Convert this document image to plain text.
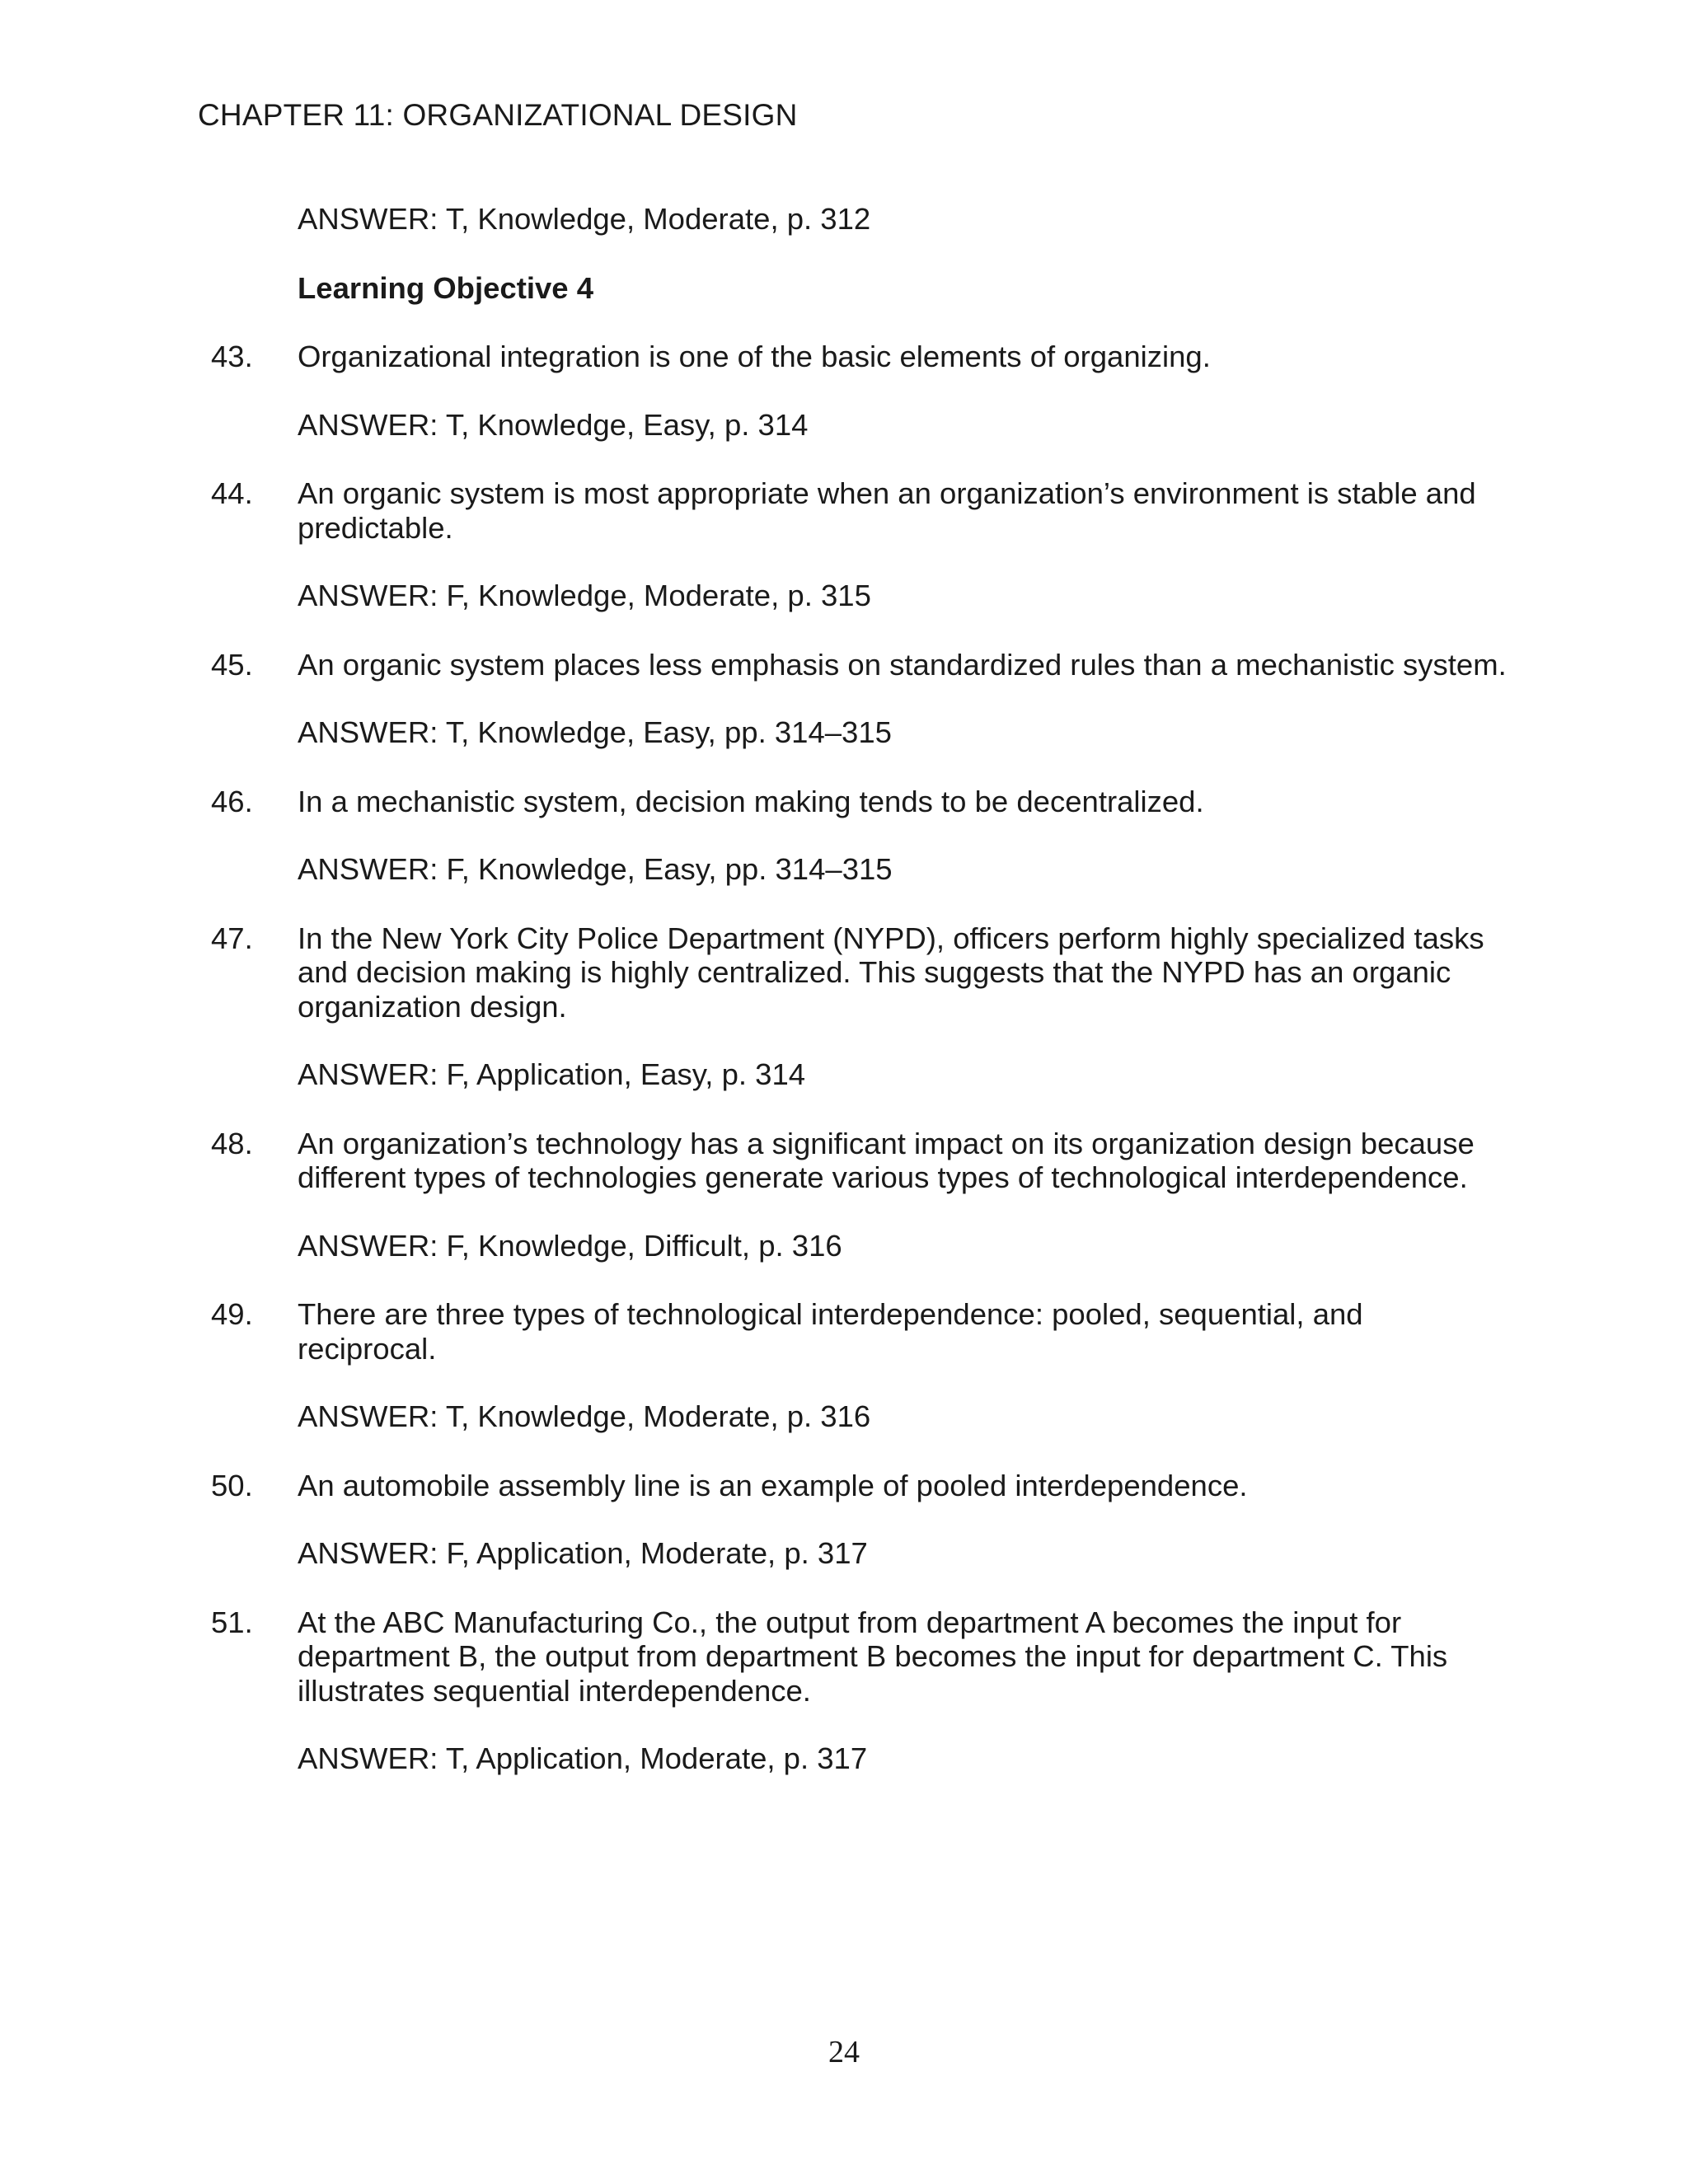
CHAPTER 11: ORGANIZATIONAL DESIGN

ANSWER: T, Knowledge, Moderate, p. 312

Learning Objective 4

43. Organizational integration is one of the basic elements of organizing.

ANSWER: T, Knowledge, Easy, p. 314

44. An organic system is most appropriate when an organization’s environment is stable and predictable.

ANSWER: F, Knowledge, Moderate, p. 315

45. An organic system places less emphasis on standardized rules than a mechanistic system.

ANSWER: T, Knowledge, Easy, pp. 314–315

46. In a mechanistic system, decision making tends to be decentralized.

ANSWER: F, Knowledge, Easy, pp. 314–315

47. In the New York City Police Department (NYPD), officers perform highly specialized tasks and decision making is highly centralized. This suggests that the NYPD has an organic organization design.

ANSWER: F, Application, Easy, p. 314

48. An organization’s technology has a significant impact on its organization design because different types of technologies generate various types of technological interdependence.

ANSWER: F, Knowledge, Difficult, p. 316

49. There are three types of technological interdependence: pooled, sequential, and reciprocal.

ANSWER: T, Knowledge, Moderate, p. 316

50. An automobile assembly line is an example of pooled interdependence.

ANSWER: F, Application, Moderate, p. 317

51. At the ABC Manufacturing Co., the output from department A becomes the input for department B, the output from department B becomes the input for department C. This illustrates sequential interdependence.

ANSWER: T, Application, Moderate, p. 317

24
